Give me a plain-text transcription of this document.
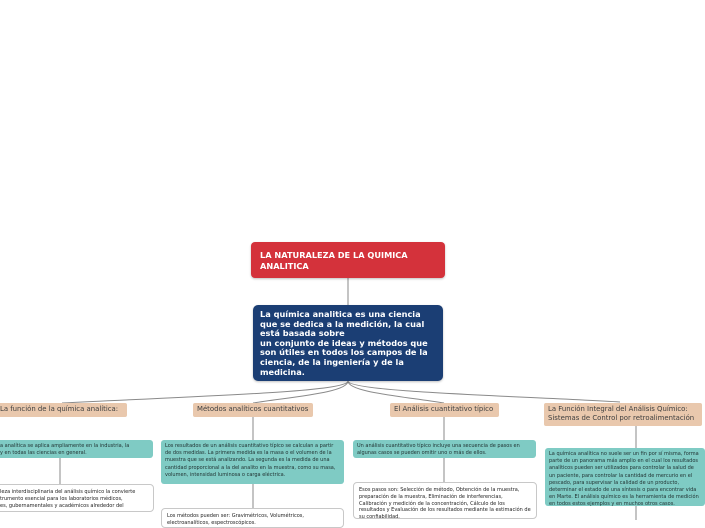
LA NATURALEZA DE LA QUIMICA ANALITICA
La química analitica es una ciencia
que se dedica a la medición, la cual
está basada sobre
un conjunto de ideas y métodos que
son útiles en todos los campos de la
ciencia, de la ingeniería y de la
medicina.
La función de la química analítica:
a analítica se aplica ampliamente en la industria, la
y en todas las ciencias en general.
leza interdisciplinaria del análisis químico la convierte
trumento esencial para los laboratorios médicos,
es, gubernamentales y académicos alrededor del
Métodos analíticos cuantitativos
Los resultados de un análisis cuantitativo típico se calculan a partir de dos medidas. La primera medida es la masa o el volumen de la muestra que se está analizando. La segunda es la medida de una cantidad proporcional a la del analito en la muestra, como su masa, volumen, intensidad luminosa o carga eléctrica.
Los métodos pueden ser: Gravimétricos, Volumétricos, electroanalíticos, espectroscópicos.
El Análisis cuantitativo típico
Un análisis cuantitativo típico incluye una secuencia de pasos en algunas casos se pueden omitir uno o más de ellos.
Esos pasos son: Selección de método, Obtención de la muestra, preparación de la muestra, Eliminación de interferencias, Calibración y medición de la concentración, Cálculo de los resultados y Evaluación de los resultados mediante la estimación de su confiabilidad.
La Función Integral del Análisis Químico: Sistemas de Control por retroalimentación
La química analítica no suele ser un fin por sí misma, forma parte de un panorama más amplio en el cual los resultados analíticos pueden ser utilizados para controlar la salud de un paciente, para controlar la cantidad de mercurio en el pescado, para supervisar la calidad de un producto, determinar el estado de una síntesis o para encontrar vida en Marte. El análisis químico es la herramienta de medición en todos estos ejemplos y en muchos otros casos.
